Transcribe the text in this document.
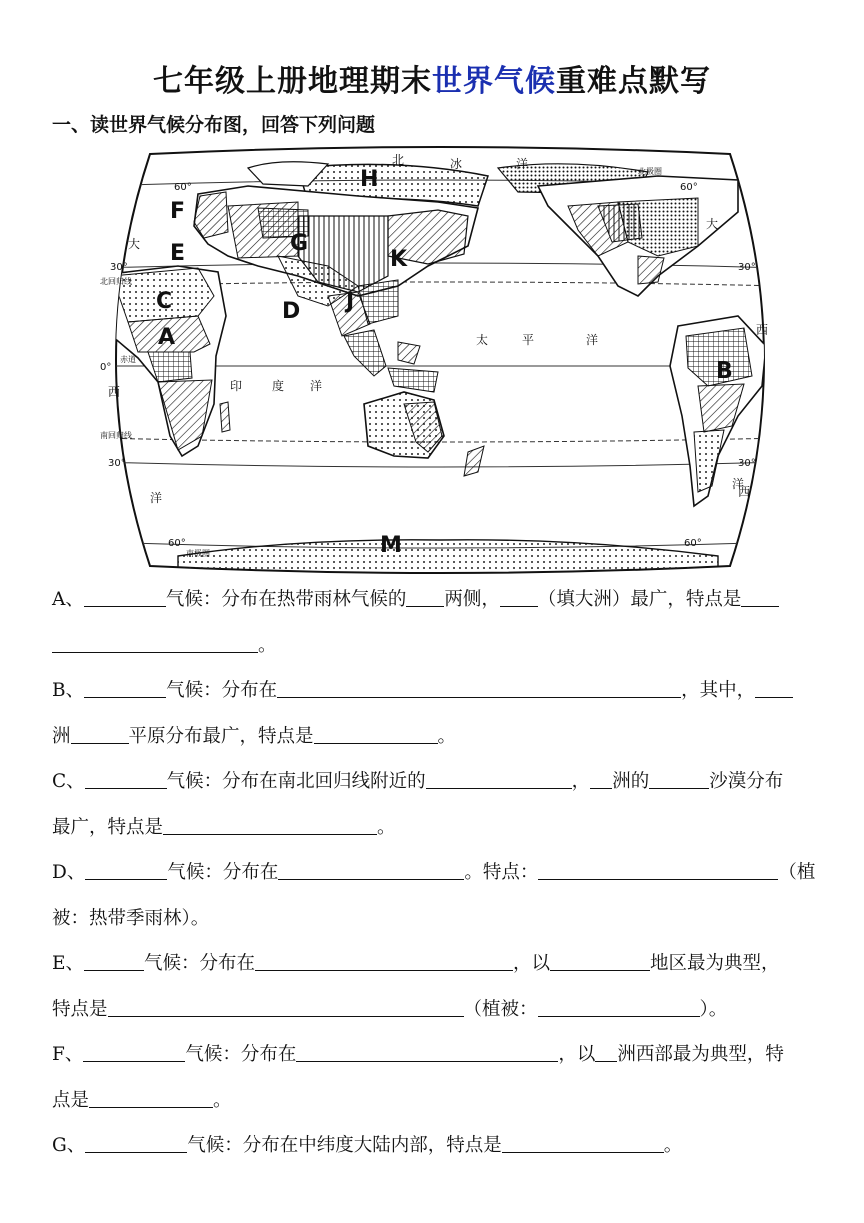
七年级上册地理期末世界气候重难点默写
一、读世界气候分布图，回答下列问题
A
B
C	D
E
F
G
H
J
K
M
北	冰	洋
大
西
洋
太	平	洋
印 度 洋
大
西
洋
西
60°
30°
0°
30°
60°
60°
30°
30°
60°
北回归线
赤道
南回归线
南极圈
北极圈
A、	气候：分布在热带雨林气候的 两侧， （填大洲）最广，特点是
。
B、	气候：分布在	，其中，
洲	平原分布最广，特点是	。
C、	气候：分布在南北回归线附近的	， 洲的	沙漠分布
最广，特点是	。
D、	气候：分布在	。特点：	（植
被：热带季雨林）。
E、	气候：分布在	，以	地区最为典型，
特点是	（植被：	）。
F、	气候：分布在	，以 洲西部最为典型，特
点是	。
G、	气候：分布在中纬度大陆内部，特点是	。
